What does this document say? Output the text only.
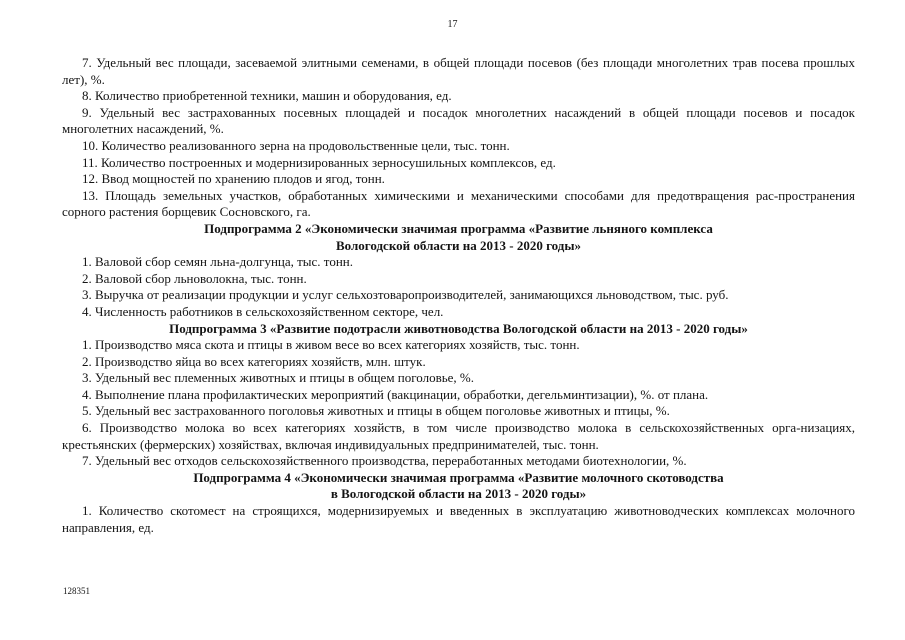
17

7. Удельный вес площади, засеваемой элитными семенами, в общей площади посевов (без площади многолетних трав посева прошлых лет), %.

8. Количество приобретенной техники, машин и оборудования, ед.

9. Удельный вес застрахованных посевных площадей и посадок многолетних насаждений в общей площади посевов и посадок многолетних насаждений, %.

10. Количество реализованного зерна на продовольственные цели, тыс. тонн.

11. Количество построенных и модернизированных зерносушильных комплексов, ед.

12. Ввод мощностей по хранению плодов и ягод, тонн.

13. Площадь земельных участков, обработанных химическими и механическими способами для предотвращения рас-пространения сорного растения борщевик Сосновского, га.

Подпрограмма 2 «Экономически значимая программа «Развитие льняного комплекса
Вологодской области на 2013 - 2020 годы»

1. Валовой сбор семян льна-долгунца, тыс. тонн.

2. Валовой сбор льноволокна, тыс. тонн.

3. Выручка от реализации продукции и услуг сельхозтоваропроизводителей, занимающихся льноводством, тыс. руб.

4. Численность работников в сельскохозяйственном секторе, чел.

Подпрограмма 3 «Развитие подотрасли животноводства Вологодской области на 2013 - 2020 годы»

1. Производство мяса скота и птицы в живом весе во всех категориях хозяйств, тыс. тонн.

2. Производство яйца во всех категориях хозяйств, млн. штук.

3. Удельный вес племенных животных и птицы в общем поголовье, %.

4. Выполнение плана профилактических мероприятий (вакцинации, обработки, дегельминтизации), %. от плана.

5. Удельный вес застрахованного поголовья животных и птицы в общем поголовье животных и птицы, %.

6. Производство молока во всех категориях хозяйств, в том числе производство молока в сельскохозяйственных орга-низациях, крестьянских (фермерских) хозяйствах, включая индивидуальных предпринимателей, тыс. тонн.

7. Удельный вес отходов сельскохозяйственного производства, переработанных методами биотехнологии, %.

Подпрограмма 4 «Экономически значимая программа «Развитие молочного скотоводства
в Вологодской области на 2013 - 2020 годы»

1. Количество скотомест на строящихся, модернизируемых и введенных в эксплуатацию животноводческих комплексах молочного направления, ед.

128351
